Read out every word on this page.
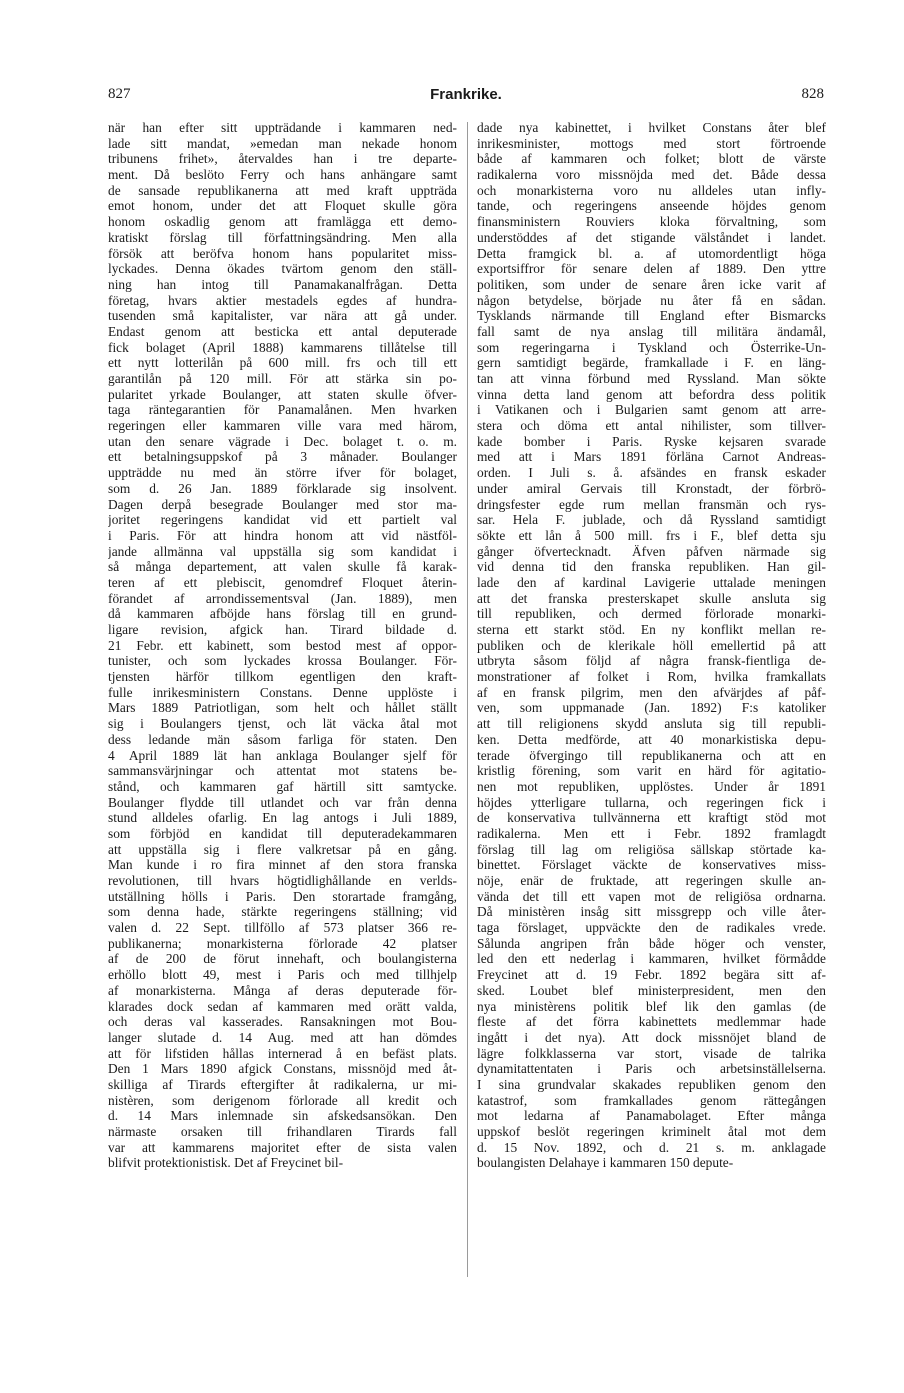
827	Frankrike.	828
när han efter sitt uppträdande i kammaren ned-
lade sitt mandat, »emedan man nekade honom
tribunens frihet», återvaldes han i tre departe-
ment. Då beslöto Ferry och hans anhängare samt
de sansade republikanerna att med kraft uppträda
emot honom, under det att Floquet skulle göra
honom oskadlig genom att framlägga ett demo-
kratiskt förslag till författningsändring. Men alla
försök att beröfva honom hans popularitet miss-
lyckades. Denna ökades tvärtom genom den ställ-
ning han intog till Panamakanalfrågan. Detta
företag, hvars aktier mestadels egdes af hundra-
tusenden små kapitalister, var nära att gå under.
Endast genom att besticka ett antal deputerade
fick bolaget (April 1888) kammarens tillåtelse till
ett nytt lotterilån på 600 mill. frs och till ett
garantilån på 120 mill. För att stärka sin po-
pularitet yrkade Boulanger, att staten skulle öfver-
taga räntegarantien för Panamalånen. Men hvarken
regeringen eller kammaren ville vara med härom,
utan den senare vägrade i Dec. bolaget t. o. m.
ett betalningsuppskof på 3 månader. Boulanger
uppträdde nu med än större ifver för bolaget,
som d. 26 Jan. 1889 förklarade sig insolvent.
Dagen derpå besegrade Boulanger med stor ma-
joritet regeringens kandidat vid ett partielt val
i Paris. För att hindra honom att vid nästföl-
jande allmänna val uppställa sig som kandidat i
så många departement, att valen skulle få karak-
teren af ett plebiscit, genomdref Floquet återin-
förandet af arrondissementsval (Jan. 1889), men
då kammaren afböjde hans förslag till en grund-
ligare revision, afgick han. Tirard bildade d.
21 Febr. ett kabinett, som bestod mest af oppor-
tunister, och som lyckades krossa Boulanger. För-
tjensten härför tillkom egentligen den kraft-
fulle inrikesministern Constans. Denne upplöste i
Mars 1889 Patriotligan, som helt och hållet ställt
sig i Boulangers tjenst, och lät väcka åtal mot
dess ledande män såsom farliga för staten. Den
4 April 1889 lät han anklaga Boulanger sjelf för
sammansvärjningar och attentat mot statens be-
stånd, och kammaren gaf härtill sitt samtycke.
Boulanger flydde till utlandet och var från denna
stund alldeles ofarlig. En lag antogs i Juli 1889,
som förbjöd en kandidat till deputeradekammaren
att uppställa sig i flere valkretsar på en gång.
Man kunde i ro fira minnet af den stora franska
revolutionen, till hvars högtidlighållande en verlds-
utställning hölls i Paris. Den storartade framgång,
som denna hade, stärkte regeringens ställning; vid
valen d. 22 Sept. tillföllo af 573 platser 366 re-
publikanerna; monarkisterna förlorade 42 platser
af de 200 de förut innehaft, och boulangisterna
erhöllo blott 49, mest i Paris och med tillhjelp
af monarkisterna. Många af deras deputerade för-
klarades dock sedan af kammaren med orätt valda,
och deras val kasserades. Ransakningen mot Bou-
langer slutade d. 14 Aug. med att han dömdes
att för lifstiden hållas internerad å en befäst plats.
Den 1 Mars 1890 afgick Constans, missnöjd med åt-
skilliga af Tirards eftergifter åt radikalerna, ur mi-
nistèren, som derigenom förlorade all kredit och
d. 14 Mars inlemnade sin afskedsansökan. Den
närmaste orsaken till frihandlaren Tirards fall
var att kammarens majoritet efter de sista valen
blifvit protektionistisk. Det af Freycinet bil-
dade nya kabinettet, i hvilket Constans åter blef
inrikesminister, mottogs med stort förtroende
både af kammaren och folket; blott de värste
radikalerna voro missnöjda med det. Både dessa
och monarkisterna voro nu alldeles utan infly-
tande, och regeringens anseende höjdes genom
finansministern Rouviers kloka förvaltning, som
understöddes af det stigande välståndet i landet.
Detta framgick bl. a. af utomordentligt höga
exportsiffror för senare delen af 1889. Den yttre
politiken, som under de senare åren icke varit af
någon betydelse, började nu åter få en sådan.
Tysklands närmande till England efter Bismarcks
fall samt de nya anslag till militära ändamål,
som regeringarna i Tyskland och Österrike-Un-
gern samtidigt begärde, framkallade i F. en läng-
tan att vinna förbund med Ryssland. Man sökte
vinna detta land genom att befordra dess politik
i Vatikanen och i Bulgarien samt genom att arre-
stera och döma ett antal nihilister, som tillver-
kade bomber i Paris. Ryske kejsaren svarade
med att i Mars 1891 förläna Carnot Andreas-
orden. I Juli s. å. afsändes en fransk eskader
under amiral Gervais till Kronstadt, der förbrö-
dringsfester egde rum mellan fransmän och rys-
sar. Hela F. jublade, och då Ryssland samtidigt
sökte ett lån å 500 mill. frs i F., blef detta sju
gånger öfvertecknadt. Äfven påfven närmade sig
vid denna tid den franska republiken. Han gil-
lade den af kardinal Lavigerie uttalade meningen
att det franska presterskapet skulle ansluta sig
till republiken, och dermed förlorade monarki-
sterna ett starkt stöd. En ny konflikt mellan re-
publiken och de klerikale höll emellertid på att
utbryta såsom följd af några fransk-fientliga de-
monstrationer af folket i Rom, hvilka framkallats
af en fransk pilgrim, men den afvärjdes af påf-
ven, som uppmanade (Jan. 1892) F:s katoliker
att till religionens skydd ansluta sig till republi-
ken. Detta medförde, att 40 monarkistiska depu-
terade öfvergingo till republikanerna och att en
kristlig förening, som varit en härd för agitatio-
nen mot republiken, upplöstes. Under år 1891
höjdes ytterligare tullarna, och regeringen fick i
de konservativa tullvännerna ett kraftigt stöd mot
radikalerna. Men ett i Febr. 1892 framlagdt
förslag till lag om religiösa sällskap störtade ka-
binettet. Förslaget väckte de konservatives miss-
nöje, enär de fruktade, att regeringen skulle an-
vända det till ett vapen mot de religiösa ordnarna.
Då ministèren insåg sitt missgrepp och ville åter-
taga förslaget, uppväckte den de radikales vrede.
Sålunda angripen från både höger och venster,
led den ett nederlag i kammaren, hvilket förmådde
Freycinet att d. 19 Febr. 1892 begära sitt af-
sked. Loubet blef ministerpresident, men den
nya ministèrens politik blef lik den gamlas (de
fleste af det förra kabinettets medlemmar hade
ingått i det nya). Att dock missnöjet bland de
lägre folkklasserna var stort, visade de talrika
dynamitattentaten i Paris och arbetsinställelserna.
I sina grundvalar skakades republiken genom den
katastrof, som framkallades genom rättegången
mot ledarna af Panamabolaget. Efter många
uppskof beslöt regeringen kriminelt åtal mot dem
d. 15 Nov. 1892, och d. 21 s. m. anklagade
boulangisten Delahaye i kammaren 150 depute-
